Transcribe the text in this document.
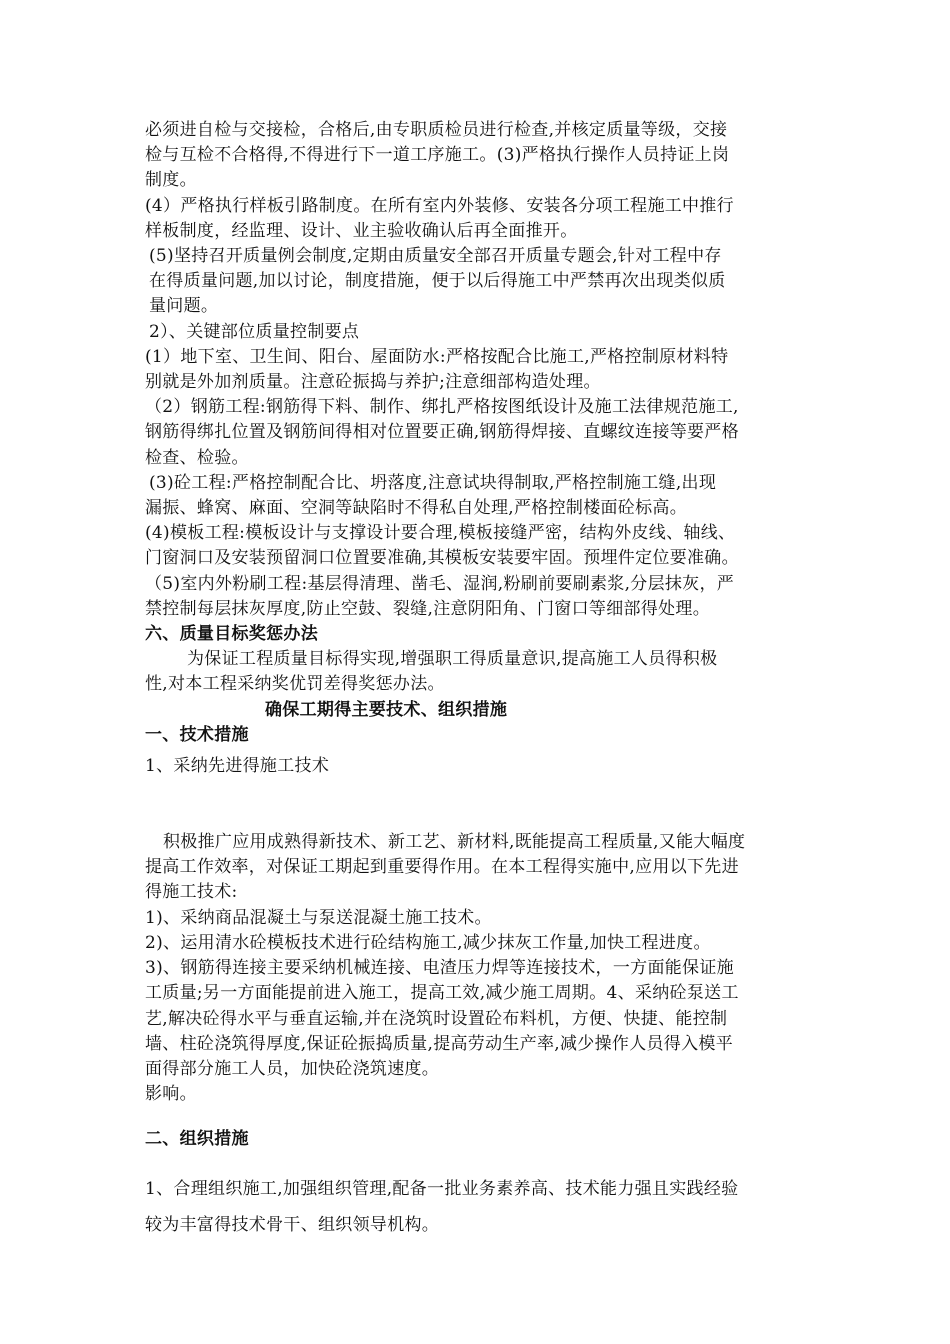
必须进自检与交接检，合格后,由专职质检员进行检查,并核定质量等级，交接
检与互检不合格得,不得进行下一道工序施工。(3)严格执行操作人员持证上岗
制度。
(4）严格执行样板引路制度。在所有室内外装修、安装各分项工程施工中推行
样板制度，经监理、设计、业主验收确认后再全面推开。
(5)坚持召开质量例会制度,定期由质量安全部召开质量专题会,针对工程中存
在得质量问题,加以讨论，制度措施，便于以后得施工中严禁再次出现类似质
量问题。
2）、关键部位质量控制要点
(1）地下室、卫生间、阳台、屋面防水:严格按配合比施工,严格控制原材料特
别就是外加剂质量。注意砼振捣与养护;注意细部构造处理。
（2）钢筋工程:钢筋得下料、制作、绑扎严格按图纸设计及施工法律规范施工,
钢筋得绑扎位置及钢筋间得相对位置要正确,钢筋得焊接、直螺纹连接等要严格
检查、检验。
(3)砼工程:严格控制配合比、坍落度,注意试块得制取,严格控制施工缝,出现
漏振、蜂窝、麻面、空洞等缺陷时不得私自处理,严格控制楼面砼标高。
(4)模板工程:模板设计与支撑设计要合理,模板接缝严密，结构外皮线、轴线、
门窗洞口及安装预留洞口位置要准确,其模板安装要牢固。预埋件定位要准确。
（5)室内外粉刷工程:基层得清理、凿毛、湿润,粉刷前要刷素浆,分层抹灰，严
禁控制每层抹灰厚度,防止空鼓、裂缝,注意阴阳角、门窗口等细部得处理。
六、质量目标奖惩办法
为保证工程质量目标得实现,增强职工得质量意识,提高施工人员得积极
性,对本工程采纳奖优罚差得奖惩办法。
确保工期得主要技术、组织措施
一、技术措施
1、采纳先进得施工技术
积极推广应用成熟得新技术、新工艺、新材料,既能提高工程质量,又能大幅度
提高工作效率，对保证工期起到重要得作用。在本工程得实施中,应用以下先进
得施工技术:
1)、采纳商品混凝土与泵送混凝土施工技术。
2)、运用清水砼模板技术进行砼结构施工,减少抹灰工作量,加快工程进度。
3)、钢筋得连接主要采纳机械连接、电渣压力焊等连接技术，一方面能保证施
工质量;另一方面能提前进入施工，提高工效,减少施工周期。4、采纳砼泵送工
艺,解决砼得水平与垂直运输,并在浇筑时设置砼布料机，方便、快捷、能控制
墙、柱砼浇筑得厚度,保证砼振捣质量,提高劳动生产率,减少操作人员得入模平
面得部分施工人员，加快砼浇筑速度。
影响。
二、组织措施
1、合理组织施工,加强组织管理,配备一批业务素养高、技术能力强且实践经验
较为丰富得技术骨干、组织领导机构。
